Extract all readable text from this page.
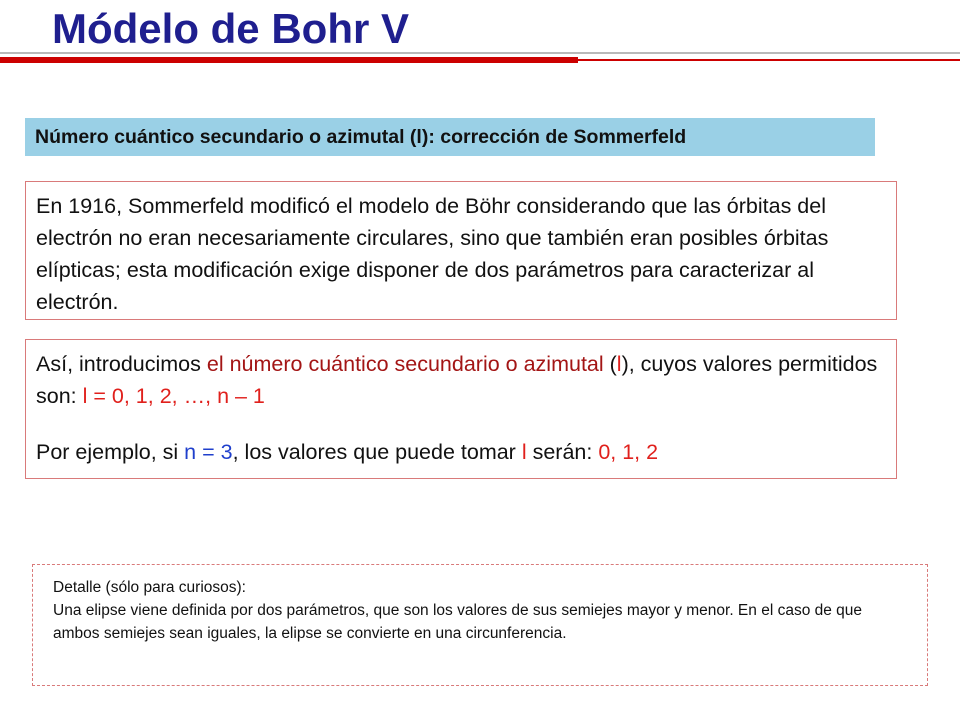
Módelo de Bohr V
Número cuántico secundario o azimutal (l): corrección de Sommerfeld

En 1916, Sommerfeld modificó el modelo de Böhr considerando que las órbitas del electrón no eran necesariamente circulares, sino que también eran posibles órbitas elípticas; esta modificación exige disponer de dos parámetros para caracterizar al electrón.

Así, introducimos el número cuántico secundario o azimutal (l), cuyos valores permitidos son: l = 0, 1, 2, …, n – 1

Por ejemplo, si n = 3, los valores que puede tomar l serán: 0, 1, 2

Detalle (sólo para curiosos):

Una elipse viene definida por dos parámetros, que son los valores de sus semiejes mayor y menor. En el caso de que ambos semiejes sean iguales, la elipse se convierte en una circunferencia.
